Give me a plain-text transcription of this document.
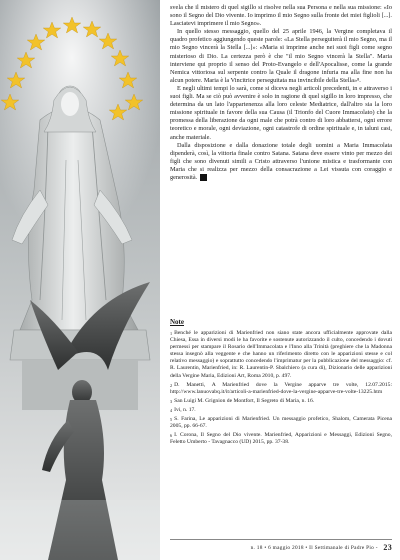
svela che il mistero di quel sigillo si risolve nella sua Persona e nella sua missione: «Io sono il Segno del Dio vivente. Io imprimo il mio Segno sulla fronte dei miei figlioli [...]. Lasciatevi imprimere il mio Segno».

In quello stesso messaggio, quello del 25 aprile 1946, la Vergine completava il quadro profetico aggiungendo queste parole: «La Stella perseguiterà il mio Segno, ma il mio Segno vincerà la Stella [...]»: «Maria si imprime anche nei suoi figli come segno misterioso di Dio. La certezza però è che "il mio Segno vincerà la Stella". Maria interviene qui proprio il senso del Proto-Evangelo e dell'Apocalisse, come la grande Nemica vittoriosa sul serpente contro la Quale il dragone infuria ma alla fine non ha alcun potere. Maria è la Vincitrice perseguitata ma invincibile della Stella»⁸.

E negli ultimi tempi lo sarà, come si diceva negli articoli precedenti, in e attraverso i suoi figli. Ma se ciò può avvenire è solo in ragione di quel sigillo in loro impresso, che determina da un lato l'appartenenza alla loro celeste Mediatrice, dall'altro sia la loro missione spirituale in favore della sua Causa (il Trionfo del Cuore Immacolato) che la promessa della liberazione da ogni male che potrà contro di loro abbattersi, ogni errore teoretico e morale, ogni deviazione, ogni catastrofe di ordine spirituale e, in taluni casi, anche materiale.

Dalla disposizione e dalla donazione totale degli uomini a Maria Immacolata dipenderà, così, la vittoria finale contro Satana. Satana deve essere vinto per mezzo dei figli che sono divenuti simili a Cristo attraverso l'unione mistica e trasformante con Maria che si realizza per mezzo della consacrazione a Lei vissuta con coraggio e generosità.

Note

$^1$ Benché le apparizioni di Marienfried non siano state ancora ufficialmente approvate dalla Chiesa, Essa in diversi modi le ha favorite e sostenute autorizzando il culto, concedendo i dovuti permessi per stampare il Rosario dell'Immacolata e l'Inno alla Trinità (preghiere che la Madonna stessa insegnò alla veggente e che hanno un riferimento diretto con le apparizioni stesse e col relativo messaggio) e soprattutto concedendo l'imprimatur per la pubblicazione del messaggio: cf. R. Laurentin, Marienfried, in: R. Laurentin-P. Sbalchiero (a cura di), Dizionario delle apparizioni della Vergine Maria, Edizioni Art, Roma 2010, p. 497.

$^2$ D. Manetti, A Marienfried dove la Vergine apparve tre volte, 12.07.2015: http://www.lanuovabq.it/it/articoli-a-marienfried-dove-la-vergine-apparve-tre-volte-13225.htm

$^3$ San Luigi M. Grignion de Montfort, Il Segreto di Maria, n. 16.

$^4$ Ivi, n. 17.

$^5$ S. Farina, Le apparizioni di Marienfried. Un messaggio profetico, Shalom, Camerata Picena 2005, pp. 66-67.

$^6$ I. Corona, Il Segno del Dio vivente. Marienfried, Apparizioni e Messaggi, Edizioni Segno, Feletto Umberto - Tavagnacco (UD) 2015, pp. 37-38.

n. 18 • 6 maggio 2018 • Il Settimanale di Padre Pio - 23
